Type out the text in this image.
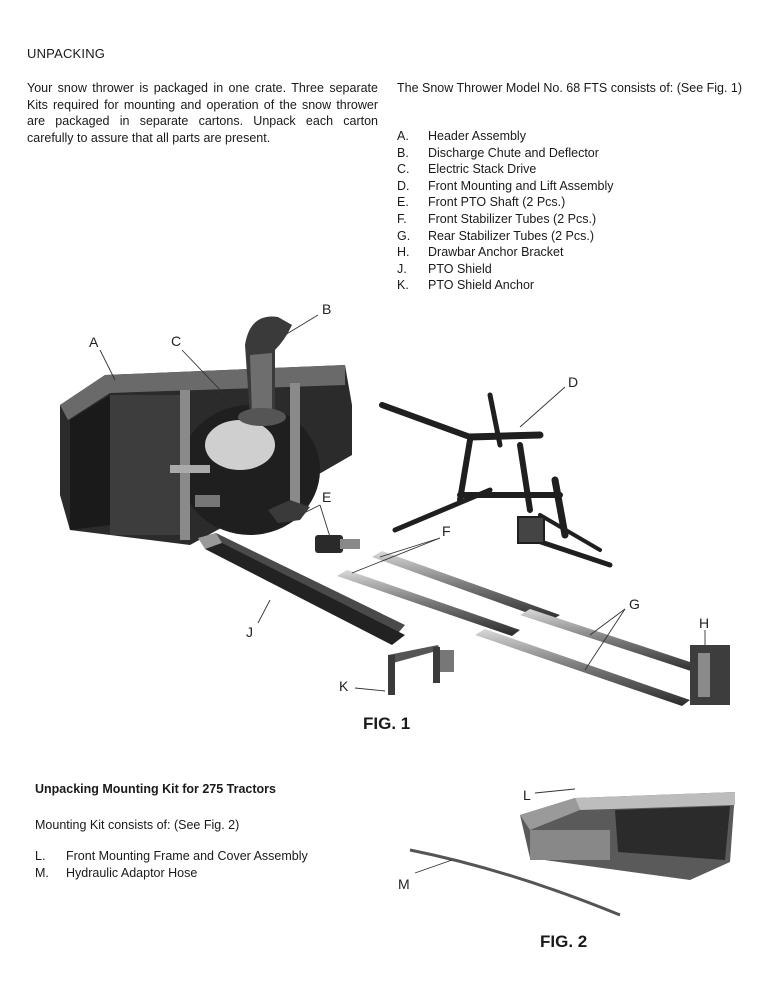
UNPACKING
Your snow thrower is packaged in one crate. Three separate Kits required for mounting and operation of the snow thrower are packaged in separate cartons. Unpack each carton carefully to assure that all parts are present.
The Snow Thrower Model No. 68 FTS consists of: (See Fig. 1)
A.	Header Assembly
B.	Discharge Chute and Deflector
C.	Electric Stack Drive
D.	Front Mounting and Lift Assembly
E.	Front PTO Shaft (2 Pcs.)
F.	Front Stabilizer Tubes (2 Pcs.)
G.	Rear Stabilizer Tubes (2 Pcs.)
H.	Drawbar Anchor Bracket
J.	PTO Shield
K.	PTO Shield Anchor
A	C
B
D
E
F
G
H
J
K
FIG. 1
Unpacking Mounting Kit for 275 Tractors
Mounting Kit consists of: (See Fig. 2)
L.	Front Mounting Frame and Cover Assembly
M.	Hydraulic Adaptor Hose
L
M
FIG. 2
